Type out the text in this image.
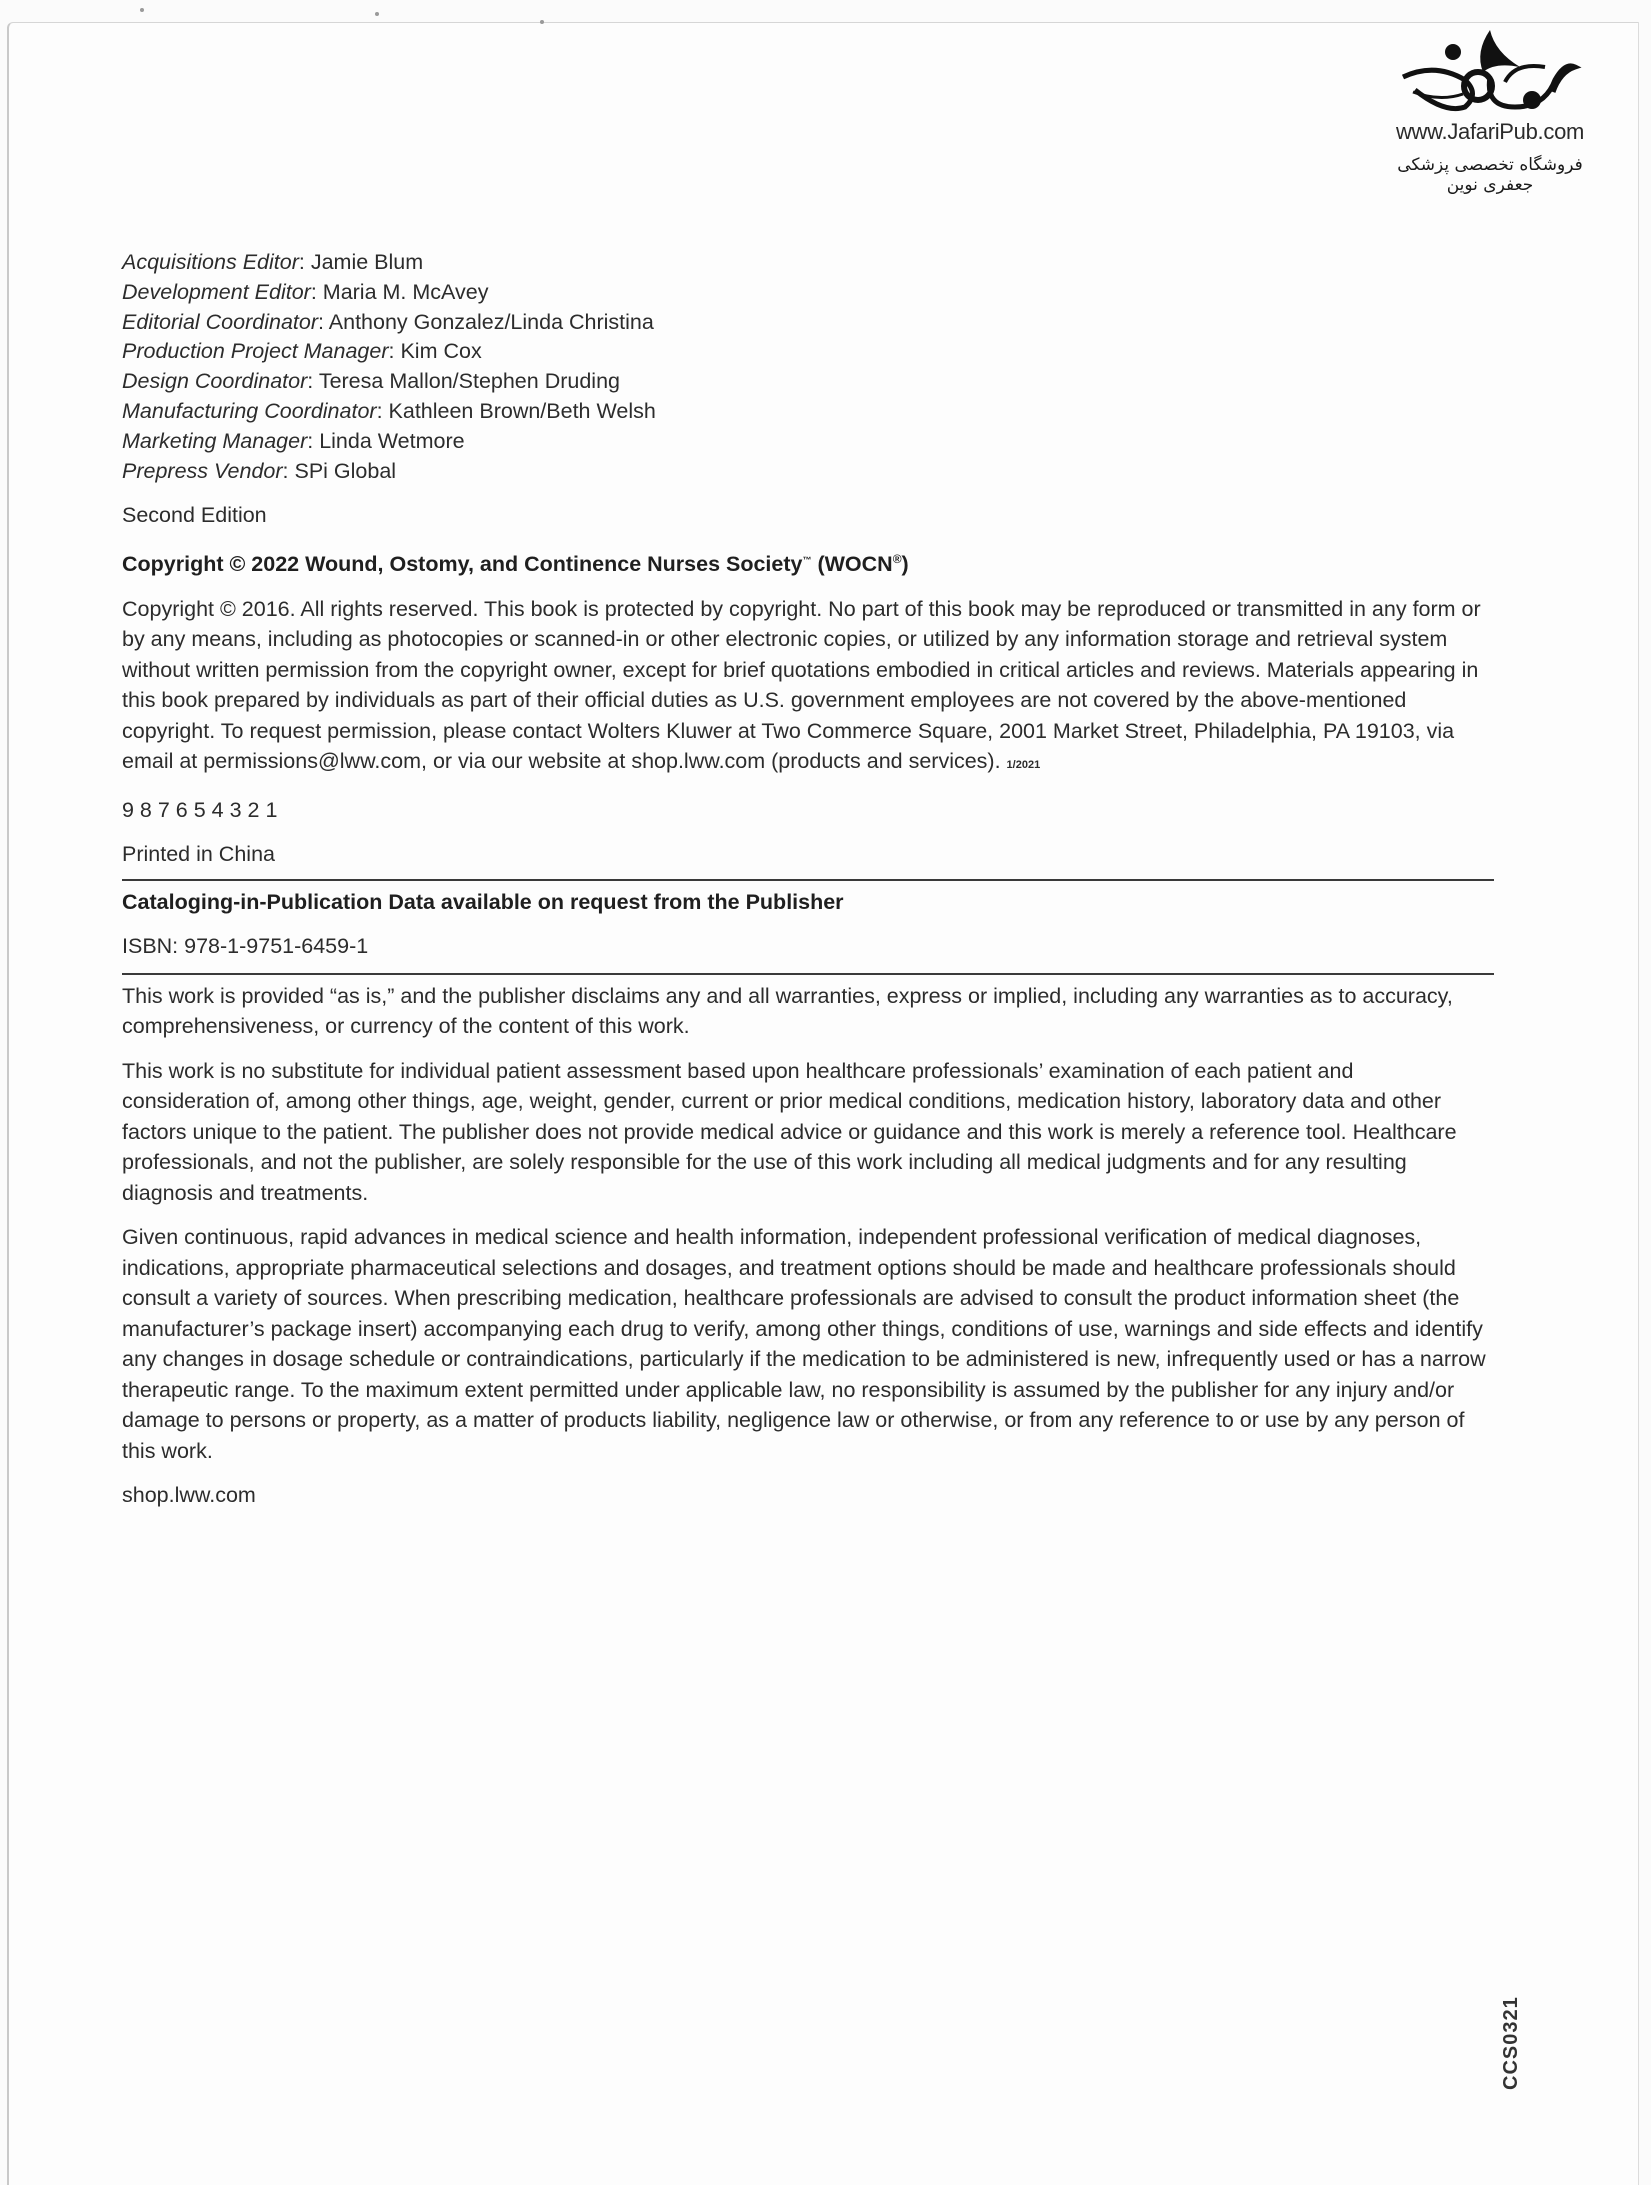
www.JafariPub.com
فروشگاه تخصصی پزشکی جعفری نوین
Acquisitions Editor: Jamie Blum
Development Editor: Maria M. McAvey
Editorial Coordinator: Anthony Gonzalez/Linda Christina
Production Project Manager: Kim Cox
Design Coordinator: Teresa Mallon/Stephen Druding
Manufacturing Coordinator: Kathleen Brown/Beth Welsh
Marketing Manager: Linda Wetmore
Prepress Vendor: SPi Global
Second Edition
Copyright © 2022 Wound, Ostomy, and Continence Nurses Society™ (WOCN®)
Copyright © 2016. All rights reserved. This book is protected by copyright. No part of this book may be reproduced or transmitted in any form or by any means, including as photocopies or scanned-in or other electronic copies, or utilized by any information storage and retrieval system without written permission from the copyright owner, except for brief quotations embodied in critical articles and reviews. Materials appearing in this book prepared by individuals as part of their official duties as U.S. government employees are not covered by the above-mentioned copyright. To request permission, please contact Wolters Kluwer at Two Commerce Square, 2001 Market Street, Philadelphia, PA 19103, via email at permissions@lww.com, or via our website at shop.lww.com (products and services). 1/2021
9 8 7 6 5 4 3 2 1
Printed in China
Cataloging-in-Publication Data available on request from the Publisher
ISBN: 978-1-9751-6459-1
This work is provided “as is,” and the publisher disclaims any and all warranties, express or implied, including any warranties as to accuracy, comprehensiveness, or currency of the content of this work.
This work is no substitute for individual patient assessment based upon healthcare professionals’ examination of each patient and consideration of, among other things, age, weight, gender, current or prior medical conditions, medication history, laboratory data and other factors unique to the patient. The publisher does not provide medical advice or guidance and this work is merely a reference tool. Healthcare professionals, and not the publisher, are solely responsible for the use of this work including all medical judgments and for any resulting diagnosis and treatments.
Given continuous, rapid advances in medical science and health information, independent professional verification of medical diagnoses, indications, appropriate pharmaceutical selections and dosages, and treatment options should be made and healthcare professionals should consult a variety of sources. When prescribing medication, healthcare professionals are advised to consult the product information sheet (the manufacturer’s package insert) accompanying each drug to verify, among other things, conditions of use, warnings and side effects and identify any changes in dosage schedule or contraindications, particularly if the medication to be administered is new, infrequently used or has a narrow therapeutic range. To the maximum extent permitted under applicable law, no responsibility is assumed by the publisher for any injury and/or damage to persons or property, as a matter of products liability, negligence law or otherwise, or from any reference to or use by any person of this work.
shop.lww.com
CCS0321
